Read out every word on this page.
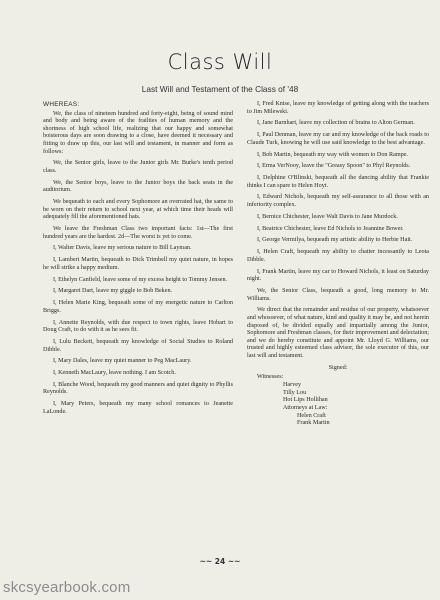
Class Will
Last Will and Testament of the Class of '48

WHEREAS:

We, the class of nineteen hundred and forty-eight, being of sound mind and body and being aware of the frailties of human memory and the shortness of high school life, realizing that our happy and somewhat boisterous days are soon drawing to a close, have deemed it necessary and fitting to draw up this, our last will and testament, in manner and form as follows:

We, the Senior girls, leave to the Junior girls Mr. Burke's tenth period class.

We, the Senior boys, leave to the Junior boys the back seats in the auditorium.

We bequeath to each and every Sophomore an overrated hat, the same to be worn on their return to school next year, at which time their heads will adequately fill the aforementioned hats.

We leave the Freshman Class two important facts: 1st—The first hundred years are the hardest. 2d—The worst is yet to come.

I, Walter Davis, leave my serious nature to Bill Layman.

I, Lambert Martin, bequeath to Dick Trimbell my quiet nature, in hopes he will strike a happy medium.

I, Ethelyn Canfield, leave some of my excess height to Tommy Jensen.

I, Margaret Dart, leave my giggle to Bob Beken.

I, Helen Marie King, bequeath some of my energetic nature to Carlton Briggs.

I, Annette Reynolds, with due respect to town rights, leave Hobart to Doug Craft, to do with it as he sees fit.

I, Lulu Beckett, bequeath my knowledge of Social Studies to Roland Dibble.

I, Mary Dales, leave my quiet manner to Peg MacLaury.

I, Kenneth MacLaury, leave nothing. I am Scotch.

I, Blanche Wood, bequeath my good manners and quiet dignity to Phyllis Reynolds.

I, Mary Peters, bequeath my many school romances to Jeanette LaLonde.

I, Fred Knise, leave my knowledge of getting along with the teachers to Jim Milewski.

I, Jane Barnhart, leave my collection of brains to Alton German.

I, Paul Denman, leave my car and my knowledge of the back roads to Claude Turk, knowing he will use said knowledge to the best advantage.

I, Bob Martin, bequeath my way with women to Don Rampe.

I, Erma VerNooy, leave the "Greasy Spoon" to Phyl Reynolds.

I, Delphine O'Blinski, bequeath all the dancing ability that Frankie thinks I can spare to Helen Hoyt.

I, Edward Nichols, bequeath my self-assurance to all those with an inferiority complex.

I, Bernice Chichester, leave Walt Davis to Jane Murdock.

I, Beatrice Chichester, leave Ed Nichols to Jeannine Bower.

I, George Vermilya, bequeath my artistic ability to Herbie Hait.

I, Helen Craft, bequeath my ability to chatter incessantly to Leota Dibble.

I, Frank Martin, leave my car to Howard Nichols, it least on Saturday night.

We, the Senior Class, bequeath a good, long memory to Mr. Williams.

We direct that the remainder and residue of our property, whatsoever and whosoever, of what nature, kind and quality it may be, and not herein disposed of, be divided equally and impartially among the Junior, Sophomore and Freshman classes, for their improvement and delectation; and we do hereby constitute and appoint Mr. Lloyd G. Williams, our trusted and highly esteemed class advisor, the sole executor of this, our last will and testament.

Signed:
Witnesses:
Harvey
Tilly Lou
Hot Lips Hollihan
Attorneys at Law:
Helen Craft
Frank Martin
~~ 24 ~~
skcsyearbook.com
